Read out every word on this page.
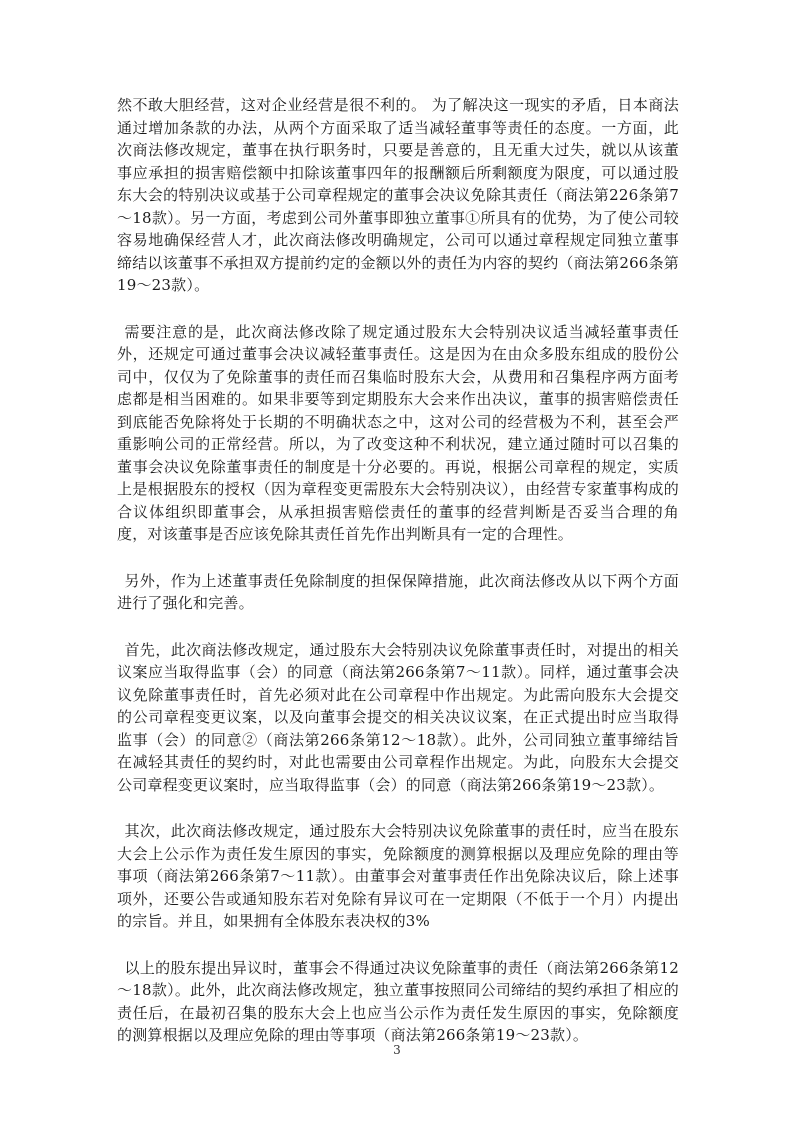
然不敢大胆经营，这对企业经营是很不利的。 为了解决这一现实的矛盾，日本商法通过增加条款的办法，从两个方面采取了适当减轻董事等责任的态度。一方面，此次商法修改规定，董事在执行职务时，只要是善意的，且无重大过失，就以从该董事应承担的损害赔偿额中扣除该董事四年的报酬额后所剩额度为限度，可以通过股东大会的特别决议或基于公司章程规定的董事会决议免除其责任（商法第226条第7～18款）。另一方面，考虑到公司外董事即独立董事①所具有的优势，为了使公司较容易地确保经营人才，此次商法修改明确规定，公司可以通过章程规定同独立董事缔结以该董事不承担双方提前约定的金额以外的责任为内容的契约（商法第266条第19～23款）。

需要注意的是，此次商法修改除了规定通过股东大会特别决议适当减轻董事责任外，还规定可通过董事会决议减轻董事责任。这是因为在由众多股东组成的股份公司中，仅仅为了免除董事的责任而召集临时股东大会，从费用和召集程序两方面考虑都是相当困难的。如果非要等到定期股东大会来作出决议，董事的损害赔偿责任到底能否免除将处于长期的不明确状态之中，这对公司的经营极为不利，甚至会严重影响公司的正常经营。所以，为了改变这种不利状况，建立通过随时可以召集的董事会决议免除董事责任的制度是十分必要的。再说，根据公司章程的规定，实质上是根据股东的授权（因为章程变更需股东大会特别决议），由经营专家董事构成的合议体组织即董事会，从承担损害赔偿责任的董事的经营判断是否妥当合理的角度，对该董事是否应该免除其责任首先作出判断具有一定的合理性。

另外，作为上述董事责任免除制度的担保保障措施，此次商法修改从以下两个方面进行了强化和完善。

首先，此次商法修改规定，通过股东大会特别决议免除董事责任时，对提出的相关议案应当取得监事（会）的同意（商法第266条第7～11款）。同样，通过董事会决议免除董事责任时，首先必须对此在公司章程中作出规定。为此需向股东大会提交的公司章程变更议案，以及向董事会提交的相关决议议案，在正式提出时应当取得监事（会）的同意②（商法第266条第12～18款）。此外，公司同独立董事缔结旨在减轻其责任的契约时，对此也需要由公司章程作出规定。为此，向股东大会提交公司章程变更议案时，应当取得监事（会）的同意（商法第266条第19～23款）。

其次，此次商法修改规定，通过股东大会特别决议免除董事的责任时，应当在股东大会上公示作为责任发生原因的事实，免除额度的测算根据以及理应免除的理由等事项（商法第266条第7～11款）。由董事会对董事责任作出免除决议后，除上述事项外，还要公告或通知股东若对免除有异议可在一定期限（不低于一个月）内提出的宗旨。并且，如果拥有全体股东表决权的3%

以上的股东提出异议时，董事会不得通过决议免除董事的责任（商法第266条第12～18款）。此外，此次商法修改规定，独立董事按照同公司缔结的契约承担了相应的责任后，在最初召集的股东大会上也应当公示作为责任发生原因的事实，免除额度的测算根据以及理应免除的理由等事项（商法第266条第19～23款）。

3
